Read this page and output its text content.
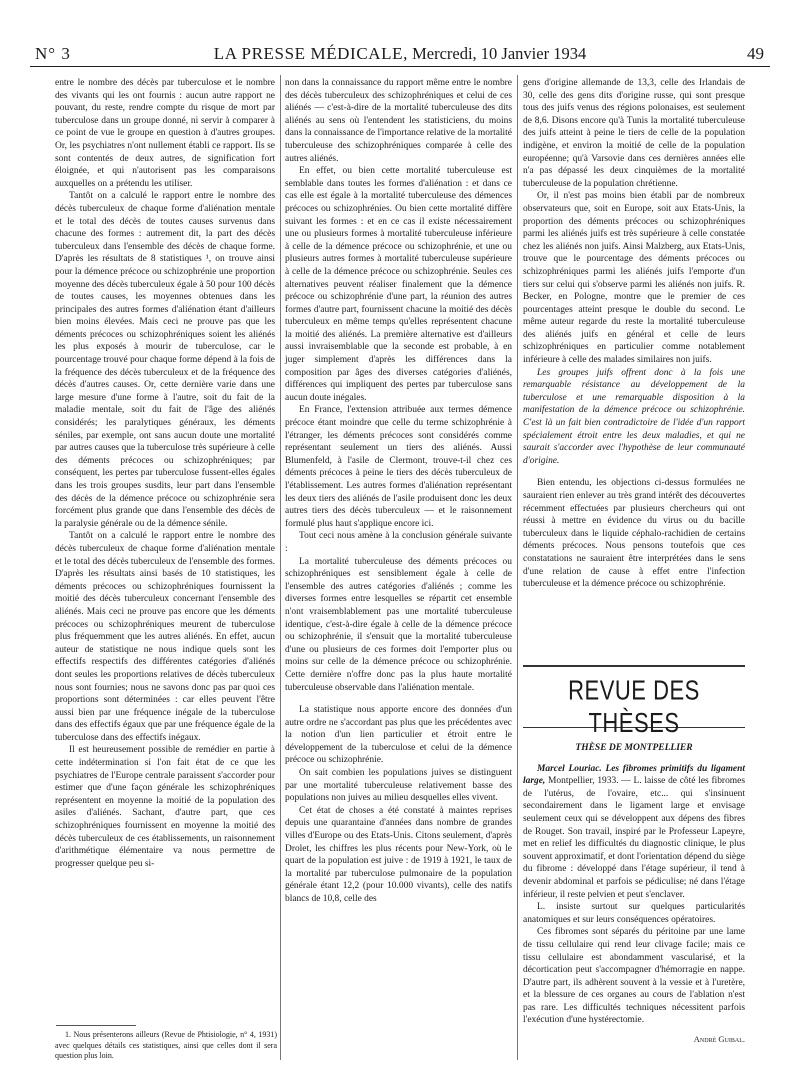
N° 3	LA PRESSE MÉDICALE, Mercredi, 10 Janvier 1934	49

entre le nombre des décès par tuberculose et le nombre des vivants qui les ont fournis : aucun autre rapport ne pouvant, du reste, rendre compte du risque de mort par tuberculose dans un groupe donné, ni servir à comparer à ce point de vue le groupe en question à d'autres groupes. Or, les psychiatres n'ont nullement établi ce rapport. Ils se sont contentés de deux autres, de signification fort éloignée, et qui n'autorisent pas les comparaisons auxquelles on a prétendu les utiliser.

Tantôt on a calculé le rapport entre le nombre des décès tuberculeux de chaque forme d'aliénation mentale et le total des décès de toutes causes survenus dans chacune des formes : autrement dit, la part des décès tuberculeux dans l'ensemble des décès de chaque forme. D'après les résultats de 8 statistiques ¹, on trouve ainsi pour la démence précoce ou schizophrénie une proportion moyenne des décès tuberculeux égale à 50 pour 100 décès de toutes causes, les moyennes obtenues dans les principales des autres formes d'aliénation étant d'ailleurs bien moins élevées. Mais ceci ne prouve pas que les déments précoces ou schizophréniques soient les aliénés les plus exposés à mourir de tuberculose, car le pourcentage trouvé pour chaque forme dépend à la fois de la fréquence des décès tuberculeux et de la fréquence des décès d'autres causes. Or, cette dernière varie dans une large mesure d'une forme à l'autre, soit du fait de la maladie mentale, soit du fait de l'âge des aliénés considérés; les paralytiques généraux, les déments séniles, par exemple, ont sans aucun doute une mortalité par autres causes que la tuberculose très supérieure à celle des déments précoces ou schizophréniques; par conséquent, les pertes par tuberculose fussent-elles égales dans les trois groupes susdits, leur part dans l'ensemble des décès de la démence précoce ou schizophrénie sera forcément plus grande que dans l'ensemble des décès de la paralysie générale ou de la démence sénile.

Tantôt on a calculé le rapport entre le nombre des décès tuberculeux de chaque forme d'aliénation mentale et le total des décès tuberculeux de l'ensemble des formes. D'après les résultats ainsi basés de 10 statistiques, les déments précoces ou schizophréniques fournissent la moitié des décès tuberculeux concernant l'ensemble des aliénés. Mais ceci ne prouve pas encore que les déments précoces ou schizophréniques meurent de tuberculose plus fréquemment que les autres aliénés. En effet, aucun auteur de statistique ne nous indique quels sont les effectifs respectifs des différentes catégories d'aliénés dont seules les proportions relatives de décès tuberculeux nous sont fournies; nous ne savons donc pas par quoi ces proportions sont déterminées : car elles peuvent l'être aussi bien par une fréquence inégale de la tuberculose dans des effectifs égaux que par une fréquence égale de la tuberculose dans des effectifs inégaux.

Il est heureusement possible de remédier en partie à cette indétermination si l'on fait état de ce que les psychiatres de l'Europe centrale paraissent s'accorder pour estimer que d'une façon générale les schizophréniques représentent en moyenne la moitié de la population des asiles d'aliénés. Sachant, d'autre part, que ces schizophréniques fournissent en moyenne la moitié des décès tuberculeux de ces établissements, un raisonnement d'arithmétique élémentaire va nous permettre de progresser quelque peu si-

1. Nous présenterons ailleurs (Revue de Phtisiologie, n° 4, 1931) avec quelques détails ces statistiques, ainsi que celles dont il sera question plus loin.

non dans la connaissance du rapport même entre le nombre des décès tuberculeux des schizophréniques et celui de ces aliénés — c'est-à-dire de la mortalité tuberculeuse des dits aliénés au sens où l'entendent les statisticiens, du moins dans la connaissance de l'importance relative de la mortalité tuberculeuse des schizophréniques comparée à celle des autres aliénés.

En effet, ou bien cette mortalité tuberculeuse est semblable dans toutes les formes d'aliénation : et dans ce cas elle est égale à la mortalité tuberculeuse des démences précoces ou schizophrénies. Ou bien cette mortalité diffère suivant les formes : et en ce cas il existe nécessairement une ou plusieurs formes à mortalité tuberculeuse inférieure à celle de la démence précoce ou schizophrénie, et une ou plusieurs autres formes à mortalité tuberculeuse supérieure à celle de la démence précoce ou schizophrénie. Seules ces alternatives peuvent réaliser finalement que la démence précoce ou schizophrénie d'une part, la réunion des autres formes d'autre part, fournissent chacune la moitié des décès tuberculeux en même temps qu'elles représentent chacune la moitié des aliénés. La première alternative est d'ailleurs aussi invraisemblable que la seconde est probable, à en juger simplement d'après les différences dans la composition par âges des diverses catégories d'aliénés, différences qui impliquent des pertes par tuberculose sans aucun doute inégales.

En France, l'extension attribuée aux termes démence précoce étant moindre que celle du terme schizophrénie à l'étranger, les déments précoces sont considérés comme représentant seulement un tiers des aliénés. Aussi Blumenfeld, à l'asile de Clermont, trouve-t-il chez ces déments précoces à peine le tiers des décès tuberculeux de l'établissement. Les autres formes d'aliénation représentant les deux tiers des aliénés de l'asile produisent donc les deux autres tiers des décès tuberculeux — et le raisonnement formulé plus haut s'applique encore ici.

Tout ceci nous amène à la conclusion générale suivante :

La mortalité tuberculeuse des déments précoces ou schizophréniques est sensiblement égale à celle de l'ensemble des autres catégories d'aliénés ; comme les diverses formes entre lesquelles se répartit cet ensemble n'ont vraisemblablement pas une mortalité tuberculeuse identique, c'est-à-dire égale à celle de la démence précoce ou schizophrénie, il s'ensuit que la mortalité tuberculeuse d'une ou plusieurs de ces formes doit l'emporter plus ou moins sur celle de la démence précoce ou schizophrénie. Cette dernière n'offre donc pas la plus haute mortalité tuberculeuse observable dans l'aliénation mentale.

La statistique nous apporte encore des données d'un autre ordre ne s'accordant pas plus que les précédentes avec la notion d'un lien particulier et étroit entre le développement de la tuberculose et celui de la démence précoce ou schizophrénie.

On sait combien les populations juives se distinguent par une mortalité tuberculeuse relativement basse des populations non juives au milieu desquelles elles vivent.

Cet état de choses a été constaté à maintes reprises depuis une quarantaine d'années dans nombre de grandes villes d'Europe ou des Etats-Unis. Citons seulement, d'après Drolet, les chiffres les plus récents pour New-York, où le quart de la population est juive : de 1919 à 1921, le taux de la mortalité par tuberculose pulmonaire de la population générale étant 12,2 (pour 10.000 vivants), celle des natifs blancs de 10,8, celle des

gens d'origine allemande de 13,3, celle des Irlandais de 30, celle des gens dits d'origine russe, qui sont presque tous des juifs venus des régions polonaises, est seulement de 8,6. Disons encore qu'à Tunis la mortalité tuberculeuse des juifs atteint à peine le tiers de celle de la population indigène, et environ la moitié de celle de la population européenne; qu'à Varsovie dans ces dernières années elle n'a pas dépassé les deux cinquièmes de la mortalité tuberculeuse de la population chrétienne.

Or, il n'est pas moins bien établi par de nombreux observateurs que, soit en Europe, soit aux Etats-Unis, la proportion des déments précoces ou schizophréniques parmi les aliénés juifs est très supérieure à celle constatée chez les aliénés non juifs. Ainsi Malzberg, aux Etats-Unis, trouve que le pourcentage des déments précoces ou schizophréniques parmi les aliénés juifs l'emporte d'un tiers sur celui qui s'observe parmi les aliénés non juifs. R. Becker, en Pologne, montre que le premier de ces pourcentages atteint presque le double du second. Le même auteur regarde du reste la mortalité tuberculeuse des aliénés juifs en général et celle de leurs schizophréniques en particulier comme notablement inférieure à celle des malades similaires non juifs.

Les groupes juifs offrent donc à la fois une remarquable résistance au développement de la tuberculose et une remarquable disposition à la manifestation de la démence précoce ou schizophrénie. C'est là un fait bien contradictoire de l'idée d'un rapport spécialement étroit entre les deux maladies, et qui ne saurait s'accorder avec l'hypothèse de leur communauté d'origine.

Bien entendu, les objections ci-dessus formulées ne sauraient rien enlever au très grand intérêt des découvertes récemment effectuées par plusieurs chercheurs qui ont réussi à mettre en évidence du virus ou du bacille tuberculeux dans le liquide céphalo-rachidien de certains déments précoces. Nous pensons toutefois que ces constatations ne sauraient être interprétées dans le sens d'une relation de cause à effet entre l'infection tuberculeuse et la démence précoce ou schizophrénie.

REVUE DES THÈSES

THÈSE DE MONTPELLIER

Marcel Louriac. Les fibromes primitifs du ligament large, Montpellier, 1933. — L. laisse de côté les fibromes de l'utérus, de l'ovaire, etc... qui s'insinuent secondairement dans le ligament large et envisage seulement ceux qui se développent aux dépens des fibres de Rouget. Son travail, inspiré par le Professeur Lapeyre, met en relief les difficultés du diagnostic clinique, le plus souvent approximatif, et dont l'orientation dépend du siège du fibrome : développé dans l'étage supérieur, il tend à devenir abdominal et parfois se pédiculise; né dans l'étage inférieur, il reste pelvien et peut s'enclaver.

L. insiste surtout sur quelques particularités anatomiques et sur leurs conséquences opératoires.

Ces fibromes sont séparés du péritoine par une lame de tissu cellulaire qui rend leur clivage facile; mais ce tissu cellulaire est abondamment vascularisé, et la décortication peut s'accompagner d'hémorragie en nappe. D'autre part, ils adhèrent souvent à la vessie et à l'uretère, et la blessure de ces organes au cours de l'ablation n'est pas rare. Les difficultés techniques nécessitent parfois l'exécution d'une hystérectomie.

André Guibal.
